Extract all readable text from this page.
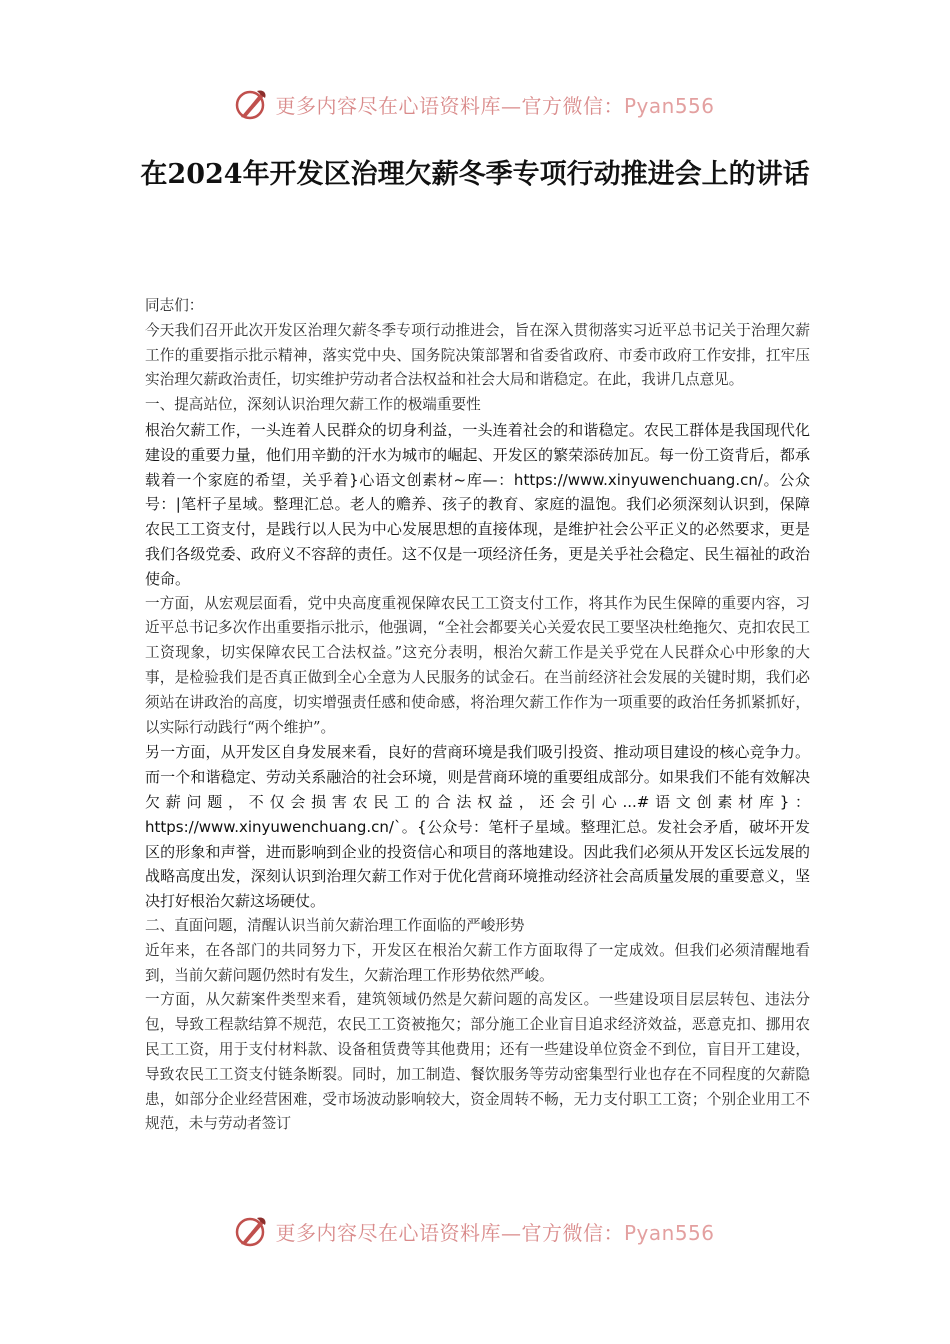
更多内容尽在心语资料库—官方微信：Pyan556
在2024年开发区治理欠薪冬季专项行动推进会上的讲话

同志们：

今天我们召开此次开发区治理欠薪冬季专项行动推进会，旨在深入贯彻落实习近平总书记关于治理欠薪工作的重要指示批示精神，落实党中央、国务院决策部署和省委省政府、市委市政府工作安排，扛牢压实治理欠薪政治责任，切实维护劳动者合法权益和社会大局和谐稳定。在此，我讲几点意见。

一、提高站位，深刻认识治理欠薪工作的极端重要性

根治欠薪工作，一头连着人民群众的切身利益，一头连着社会的和谐稳定。农民工群体是我国现代化建设的重要力量，他们用辛勤的汗水为城市的崛起、开发区的繁荣添砖加瓦。每一份工资背后，都承载着一个家庭的希望，关乎着}心语文创素材~库—：https://www.xinyuwenchuang.cn/。公众号：|笔杆子星域。整理汇总。老人的赡养、孩子的教育、家庭的温饱。我们必须深刻认识到，保障农民工工资支付，是践行以人民为中心发展思想的直接体现，是维护社会公平正义的必然要求，更是我们各级党委、政府义不容辞的责任。这不仅是一项经济任务，更是关乎社会稳定、民生福祉的政治使命。

一方面，从宏观层面看，党中央高度重视保障农民工工资支付工作，将其作为民生保障的重要内容，习近平总书记多次作出重要指示批示，他强调，“全社会都要关心关爱农民工要坚决杜绝拖欠、克扣农民工工资现象，切实保障农民工合法权益。”这充分表明，根治欠薪工作是关乎党在人民群众心中形象的大事，是检验我们是否真正做到全心全意为人民服务的试金石。在当前经济社会发展的关键时期，我们必须站在讲政治的高度，切实增强责任感和使命感，将治理欠薪工作作为一项重要的政治任务抓紧抓好，以实际行动践行“两个维护”。

另一方面，从开发区自身发展来看，良好的营商环境是我们吸引投资、推动项目建设的核心竞争力。而一个和谐稳定、劳动关系融洽的社会环境，则是营商环境的重要组成部分。如果我们不能有效解决欠薪问题，不仅会损害农民工的合法权益，还会引心...#语文创素材库}：https://www.xinyuwenchuang.cn/`。{公众号：笔杆子星域。整理汇总。发社会矛盾，破坏开发区的形象和声誉，进而影响到企业的投资信心和项目的落地建设。因此我们必须从开发区长远发展的战略高度出发，深刻认识到治理欠薪工作对于优化营商环境推动经济社会高质量发展的重要意义，坚决打好根治欠薪这场硬仗。

二、直面问题，清醒认识当前欠薪治理工作面临的严峻形势

近年来，在各部门的共同努力下，开发区在根治欠薪工作方面取得了一定成效。但我们必须清醒地看到，当前欠薪问题仍然时有发生，欠薪治理工作形势依然严峻。

一方面，从欠薪案件类型来看，建筑领域仍然是欠薪问题的高发区。一些建设项目层层转包、违法分包，导致工程款结算不规范，农民工工资被拖欠；部分施工企业盲目追求经济效益，恶意克扣、挪用农民工工资，用于支付材料款、设备租赁费等其他费用；还有一些建设单位资金不到位，盲目开工建设，导致农民工工资支付链条断裂。同时，加工制造、餐饮服务等劳动密集型行业也存在不同程度的欠薪隐患，如部分企业经营困难，受市场波动影响较大，资金周转不畅，无力支付职工工资；个别企业用工不规范，未与劳动者签订

更多内容尽在心语资料库—官方微信：Pyan556
